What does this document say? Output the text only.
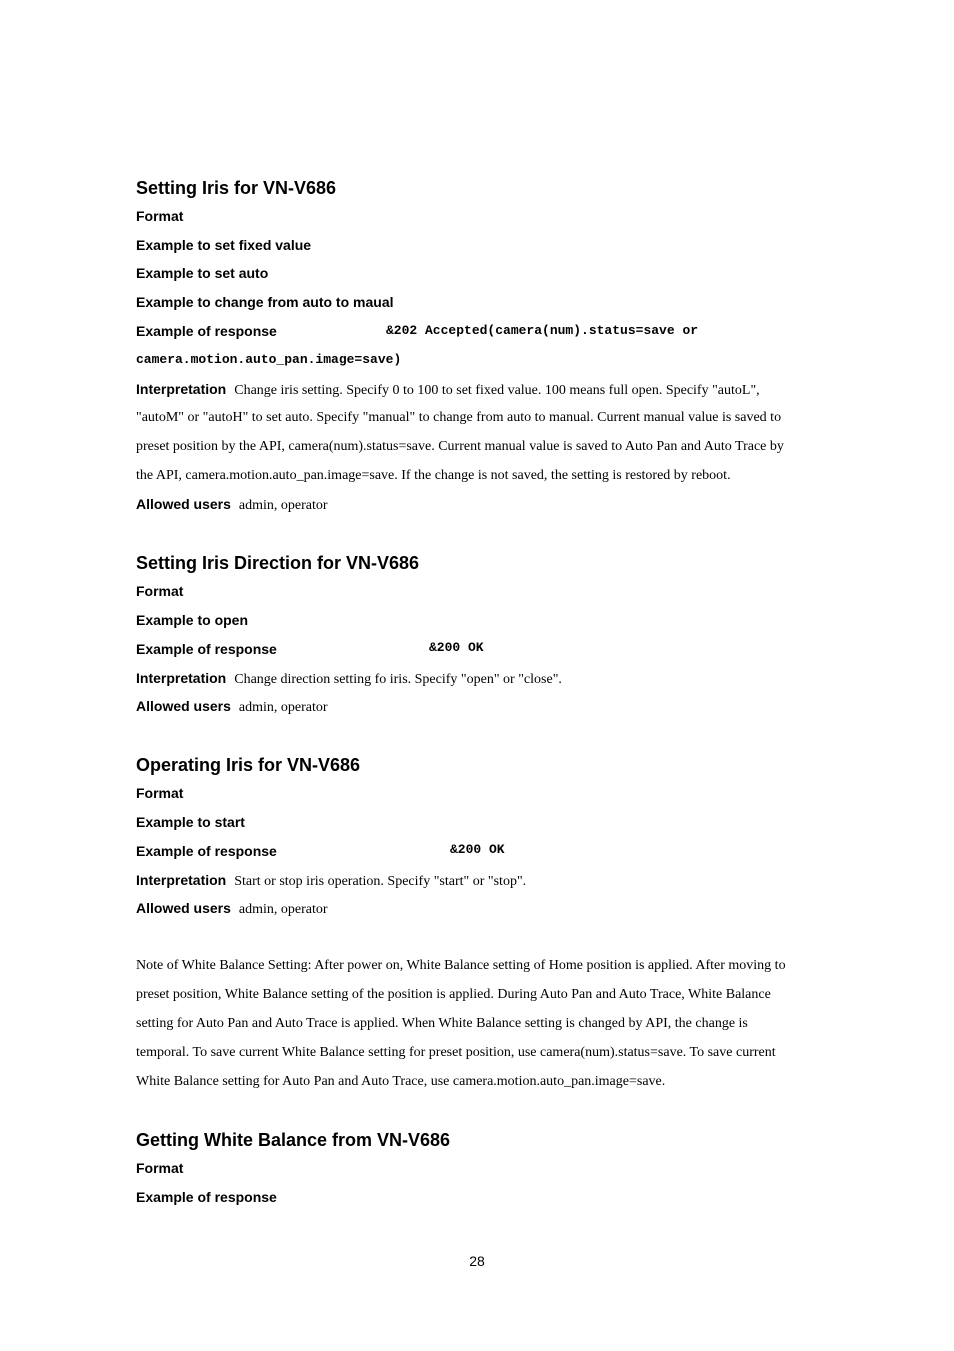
Setting Iris for VN-V686
Format
Example to set fixed value
Example to set auto
Example to change from auto to maual
Example of response	&202 Accepted(camera(num).status=save or
camera.motion.auto_pan.image=save)
Interpretation Change iris setting. Specify 0 to 100 to set fixed value. 100 means full open. Specify "autoL",
"autoM" or "autoH" to set auto. Specify "manual" to change from auto to manual. Current manual value is saved to
preset position by the API, camera(num).status=save. Current manual value is saved to Auto Pan and Auto Trace by
the API, camera.motion.auto_pan.image=save. If the change is not saved, the setting is restored by reboot.
Allowed users admin, operator
Setting Iris Direction for VN-V686
Format
Example to open
Example of response	&200 OK
Interpretation Change direction setting fo iris. Specify "open" or "close".
Allowed users admin, operator
Operating Iris for VN-V686
Format
Example to start
Example of response	&200 OK
Interpretation Start or stop iris operation. Specify "start" or "stop".
Allowed users admin, operator
Note of White Balance Setting: After power on, White Balance setting of Home position is applied. After moving to
preset position, White Balance setting of the position is applied. During Auto Pan and Auto Trace, White Balance
setting for Auto Pan and Auto Trace is applied. When White Balance setting is changed by API, the change is
temporal. To save current White Balance setting for preset position, use camera(num).status=save. To save current
White Balance setting for Auto Pan and Auto Trace, use camera.motion.auto_pan.image=save.
Getting White Balance from VN-V686
Format
Example of response
28
